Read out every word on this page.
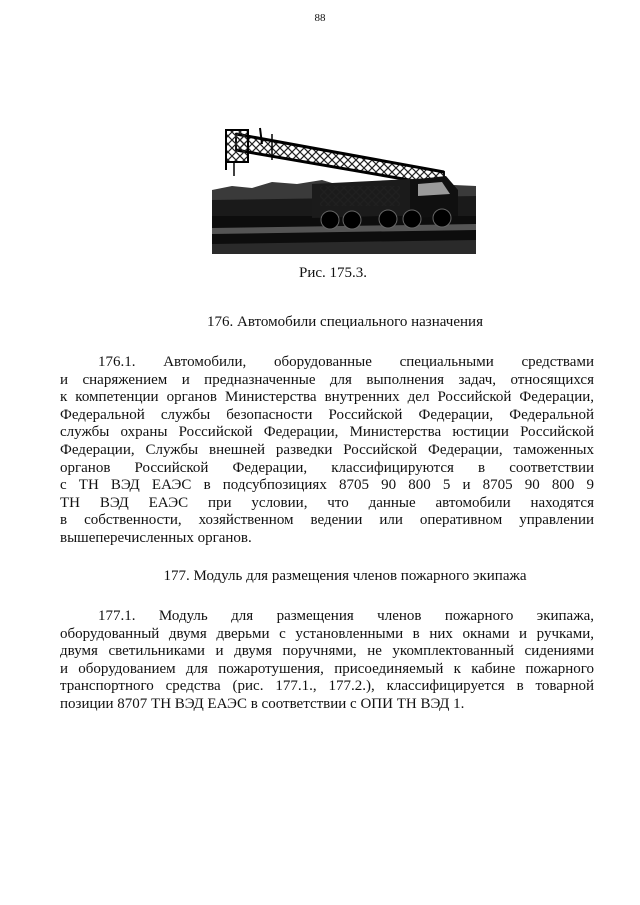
88
Рис. 175.3.
176. Автомобили специального назначения
176.1. Автомобили, оборудованные специальными средствами
и снаряжением и предназначенные для выполнения задач, относящихся
к компетенции органов Министерства внутренних дел Российской Федерации,
Федеральной службы безопасности Российской Федерации, Федеральной
службы охраны Российской Федерации, Министерства юстиции Российской
Федерации, Службы внешней разведки Российской Федерации, таможенных
органов Российской Федерации, классифицируются в соответствии
с ТН ВЭД ЕАЭС в подсубпозициях 8705 90 800 5 и 8705 90 800 9
ТН ВЭД ЕАЭС при условии, что данные автомобили находятся
в собственности, хозяйственном ведении или оперативном управлении
вышеперечисленных органов.
177. Модуль для размещения членов пожарного экипажа
177.1. Модуль для размещения членов пожарного экипажа,
оборудованный двумя дверьми с установленными в них окнами и ручками,
двумя светильниками и двумя поручнями, не укомплектованный сидениями
и оборудованием для пожаротушения, присоединяемый к кабине пожарного
транспортного средства (рис. 177.1., 177.2.), классифицируется в товарной
позиции 8707 ТН ВЭД ЕАЭС в соответствии с ОПИ ТН ВЭД 1.
